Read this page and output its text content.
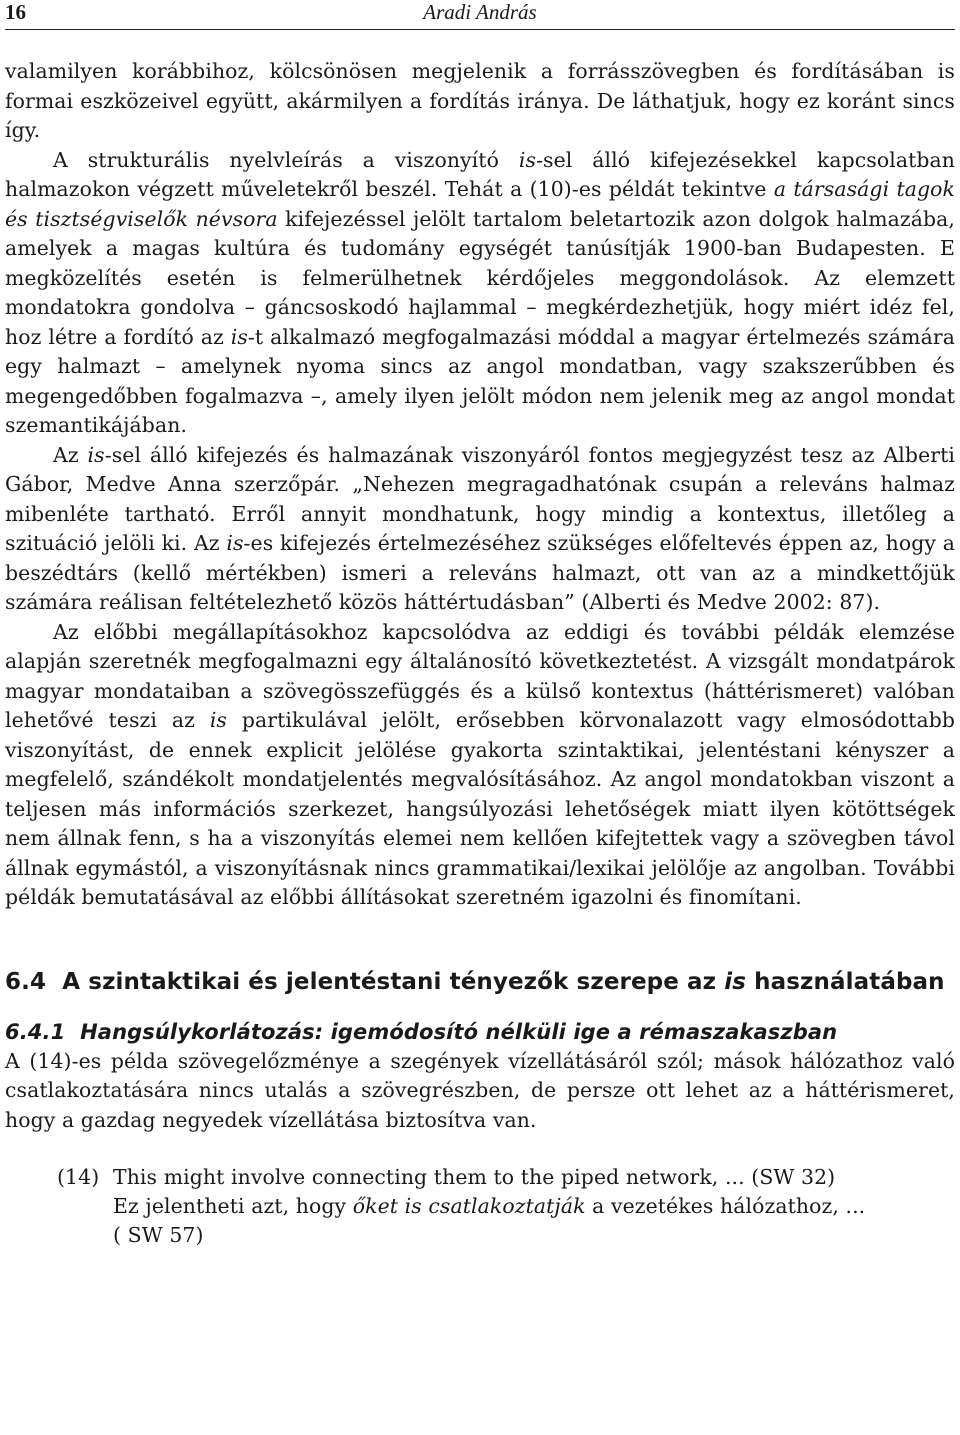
16	Aradi András

valamilyen korábbihoz, kölcsönösen megjelenik a forrásszövegben és fordításában is formai eszközeivel együtt, akármilyen a fordítás iránya. De láthatjuk, hogy ez koránt sincs így.

A strukturális nyelvleírás a viszonyító is-sel álló kifejezésekkel kapcsolatban halmazokon végzett műveletekről beszél. Tehát a (10)-es példát tekintve a társasági tagok és tisztségviselők névsora kifejezéssel jelölt tartalom beletartozik azon dolgok halmazába, amelyek a magas kultúra és tudomány egységét tanúsítják 1900-ban Budapesten. E megközelítés esetén is felmerülhetnek kérdőjeles meggondolások. Az elemzett mondatokra gondolva – gáncsoskodó hajlammal – megkérdezhetjük, hogy miért idéz fel, hoz létre a fordító az is-t alkalmazó megfogalmazási móddal a magyar értelmezés számára egy halmazt – amelynek nyoma sincs az angol mondatban, vagy szakszerűbben és megengedőbben fogalmazva –, amely ilyen jelölt módon nem jelenik meg az angol mondat szemantikájában.

Az is-sel álló kifejezés és halmazának viszonyáról fontos megjegyzést tesz az Alberti Gábor, Medve Anna szerzőpár. „Nehezen megragadhatónak csupán a releváns halmaz mibenléte tartható. Erről annyit mondhatunk, hogy mindig a kontextus, illetőleg a szituáció jelöli ki. Az is-es kifejezés értelmezéséhez szükséges előfeltevés éppen az, hogy a beszédtárs (kellő mértékben) ismeri a releváns halmazt, ott van az a mindkettőjük számára reálisan feltételezhető közös háttértudásban” (Alberti és Medve 2002: 87).

Az előbbi megállapításokhoz kapcsolódva az eddigi és további példák elemzése alapján szeretnék megfogalmazni egy általánosító következtetést. A vizsgált mondatpárok magyar mondataiban a szövegösszefüggés és a külső kontextus (háttérismeret) valóban lehetővé teszi az is partikulával jelölt, erősebben körvonalazott vagy elmosódottabb viszonyítást, de ennek explicit jelölése gyakorta szintaktikai, jelentéstani kényszer a megfelelő, szándékolt mondatjelentés megvalósításához. Az angol mondatokban viszont a teljesen más információs szerkezet, hangsúlyozási lehetőségek miatt ilyen kötöttségek nem állnak fenn, s ha a viszonyítás elemei nem kellően kifejtettek vagy a szövegben távol állnak egymástól, a viszonyításnak nincs grammatikai/lexikai jelölője az angolban. További példák bemutatásával az előbbi állításokat szeretném igazolni és finomítani.

6.4 A szintaktikai és jelentéstani tényezők szerepe az is használatában
6.4.1 Hangsúlykorlátozás: igemódosító nélküli ige a rémaszakaszban

A (14)-es példa szövegelőzménye a szegények vízellátásáról szól; mások hálózathoz való csatlakoztatására nincs utalás a szövegrészben, de persze ott lehet az a háttérismeret, hogy a gazdag negyedek vízellátása biztosítva van.

(14) This might involve connecting them to the piped network, ... (SW 32)
Ez jelentheti azt, hogy őket is csatlakoztatják a vezetékes hálózathoz, ...
( SW 57)
